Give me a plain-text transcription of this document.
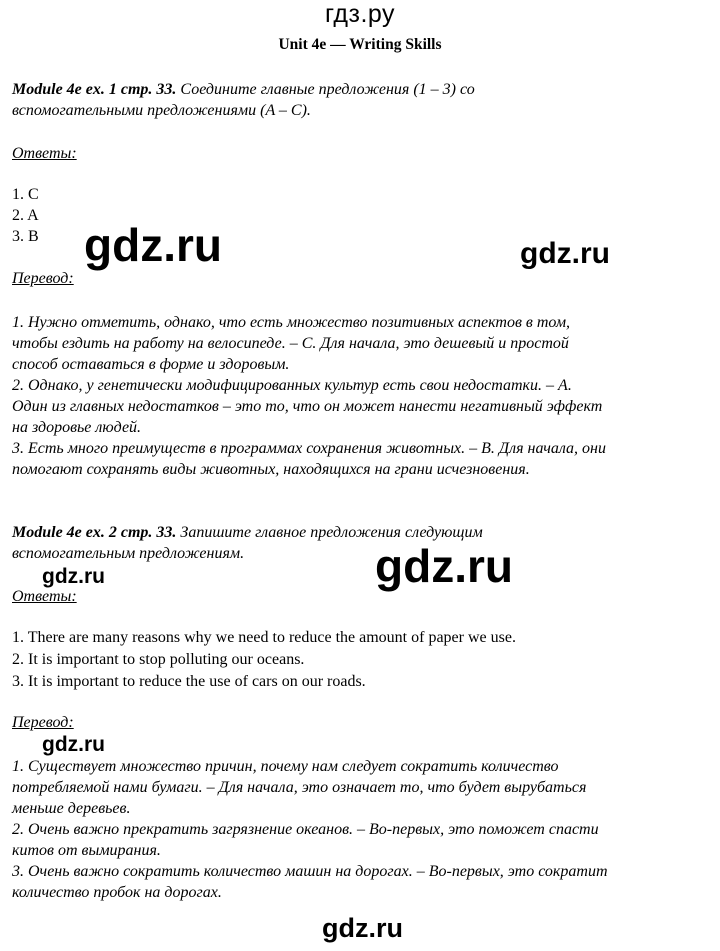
гдз.ру
Unit 4e — Writing Skills
Module 4e ex. 1 стр. 33. Соедините главные предложения (1 – 3) со
вспомогательными предложениями (A – C).
Ответы:
1. C
2. A
3. B
Перевод:
1. Нужно отметить, однако, что есть множество позитивных аспектов в том,
чтобы ездить на работу на велосипеде. – C. Для начала, это дешевый и простой
способ оставаться в форме и здоровым.
2. Однако, у генетически модифицированных культур есть свои недостатки. – A.
Один из главных недостатков – это то, что он может нанести негативный эффект
на здоровье людей.
3. Есть много преимуществ в программах сохранения животных. – B. Для начала, они
помогают сохранять виды животных, находящихся на грани исчезновения.
Module 4e ex. 2 стр. 33. Запишите главное предложения следующим
вспомогательным предложениям.
Ответы:
1. There are many reasons why we need to reduce the amount of paper we use.
2. It is important to stop polluting our oceans.
3. It is important to reduce the use of cars on our roads.
Перевод:
1. Существует множество причин, почему нам следует сократить количество
потребляемой нами бумаги. – Для начала, это означает то, что будет вырубаться
меньше деревьев.
2. Очень важно прекратить загрязнение океанов. – Во-первых, это поможет спасти
китов от вымирания.
3. Очень важно сократить количество машин на дорогах. – Во-первых, это сократит
количество пробок на дорогах.
gdz.ru	gdz.ru
gdz.ru
gdz.ru
gdz.ru
gdz.ru
